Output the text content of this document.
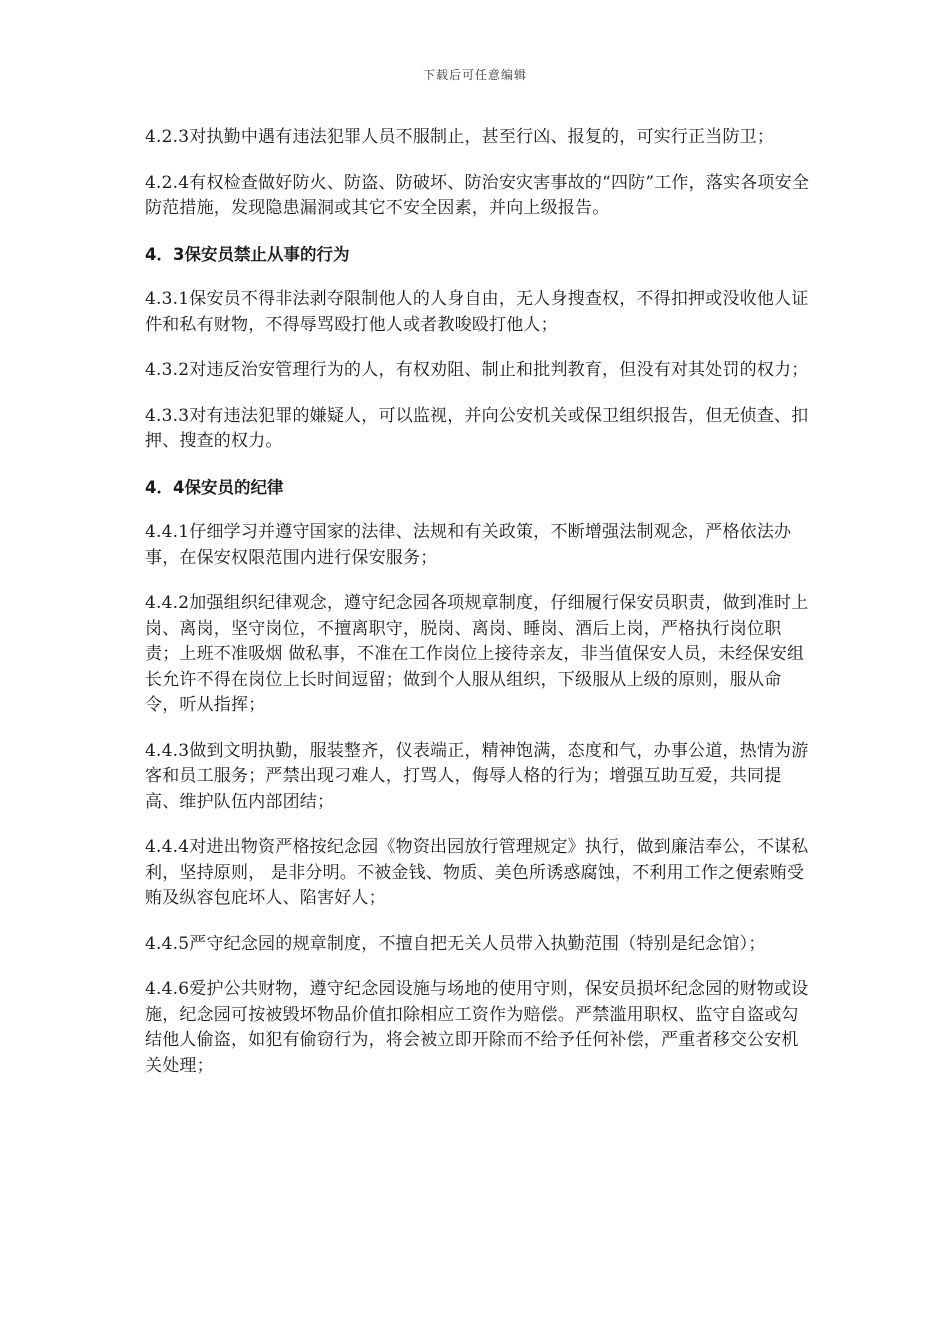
下载后可任意编辑

4.2.3对执勤中遇有违法犯罪人员不服制止，甚至行凶、报复的，可实行正当防卫；

4.2.4有权检查做好防火、防盗、防破坏、防治安灾害事故的“四防”工作，落实各项安全防范措施，发现隐患漏洞或其它不安全因素，并向上级报告。

4．3保安员禁止从事的行为

4.3.1保安员不得非法剥夺限制他人的人身自由，无人身搜查权，不得扣押或没收他人证件和私有财物，不得辱骂殴打他人或者教唆殴打他人；

4.3.2对违反治安管理行为的人，有权劝阻、制止和批判教育，但没有对其处罚的权力；

4.3.3对有违法犯罪的嫌疑人，可以监视，并向公安机关或保卫组织报告，但无侦查、扣押、搜查的权力。

4．4保安员的纪律

4.4.1仔细学习并遵守国家的法律、法规和有关政策，不断增强法制观念，严格依法办事，在保安权限范围内进行保安服务；

4.4.2加强组织纪律观念，遵守纪念园各项规章制度，仔细履行保安员职责，做到准时上岗、离岗，坚守岗位，不擅离职守，脱岗、离岗、睡岗、酒后上岗，严格执行岗位职责；上班不准吸烟 做私事，不准在工作岗位上接待亲友，非当值保安人员，未经保安组长允许不得在岗位上长时间逗留；做到个人服从组织，下级服从上级的原则，服从命令，听从指挥；

4.4.3做到文明执勤，服装整齐，仪表端正，精神饱满，态度和气，办事公道，热情为游客和员工服务；严禁出现刁难人，打骂人，侮辱人格的行为；增强互助互爱，共同提高、维护队伍内部团结；

4.4.4对进出物资严格按纪念园《物资出园放行管理规定》执行，做到廉洁奉公，不谋私利，坚持原则， 是非分明。不被金钱、物质、美色所诱惑腐蚀，不利用工作之便索贿受贿及纵容包庇坏人、陷害好人；

4.4.5严守纪念园的规章制度，不擅自把无关人员带入执勤范围（特别是纪念馆）；

4.4.6爱护公共财物，遵守纪念园设施与场地的使用守则，保安员损坏纪念园的财物或设施，纪念园可按被毁坏物品价值扣除相应工资作为赔偿。严禁滥用职权、监守自盗或勾结他人偷盗，如犯有偷窃行为，将会被立即开除而不给予任何补偿，严重者移交公安机关处理；
